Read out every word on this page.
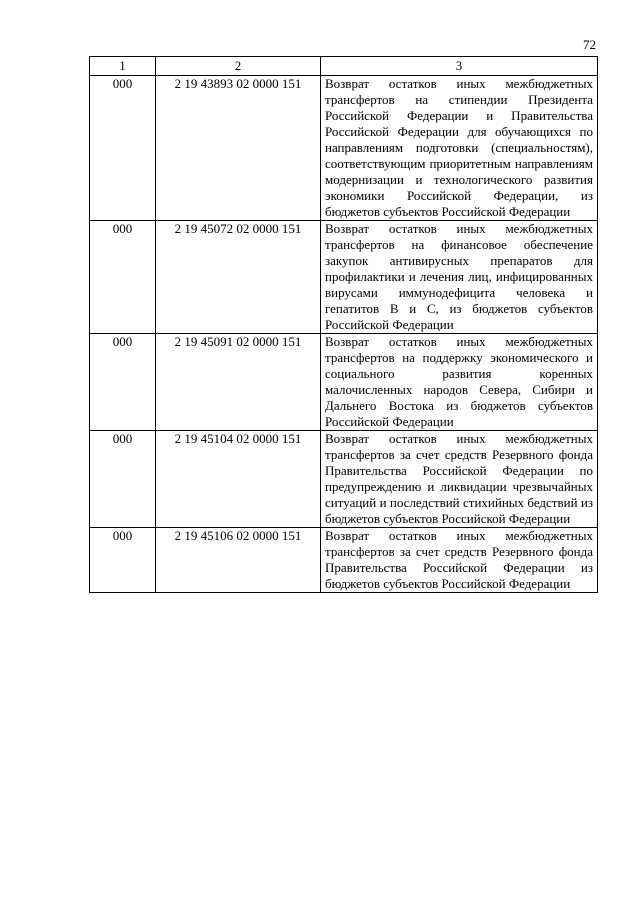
72
1	2	3
000	2 19 43893 02 0000 151	Возврат остатков иных межбюджетных трансфертов на стипендии Президента Российской Федерации и Правительства Российской Федерации для обучающихся по направлениям подготовки (специальностям), соответствующим приоритетным направлениям модернизации и технологического развития экономики Российской Федерации, из бюджетов субъектов Российской Федерации
000	2 19 45072 02 0000 151	Возврат остатков иных межбюджетных трансфертов на финансовое обеспечение закупок антивирусных препаратов для профилактики и лечения лиц, инфицированных вирусами иммунодефицита человека и гепатитов B и C, из бюджетов субъектов Российской Федерации
000	2 19 45091 02 0000 151	Возврат остатков иных межбюджетных трансфертов на поддержку экономического и социального развития коренных малочисленных народов Севера, Сибири и Дальнего Востока из бюджетов субъектов Российской Федерации
000	2 19 45104 02 0000 151	Возврат остатков иных межбюджетных трансфертов за счет средств Резервного фонда Правительства Российской Федерации по предупреждению и ликвидации чрезвычайных ситуаций и последствий стихийных бедствий из бюджетов субъектов Российской Федерации
000	2 19 45106 02 0000 151	Возврат остатков иных межбюджетных трансфертов за счет средств Резервного фонда Правительства Российской Федерации из бюджетов субъектов Российской Федерации
